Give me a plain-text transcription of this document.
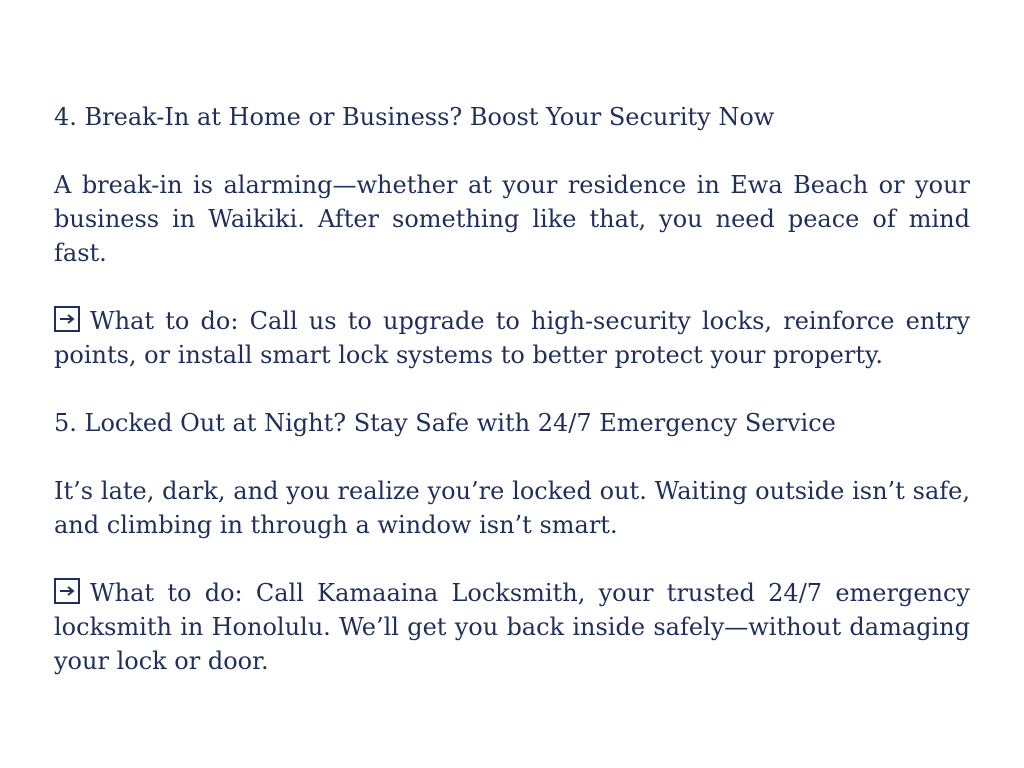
4. Break-In at Home or Business? Boost Your Security Now
A break-in is alarming—whether at your residence in Ewa Beach or your business in Waikiki. After something like that, you need peace of mind fast.
What to do: Call us to upgrade to high-security locks, reinforce entry points, or install smart lock systems to better protect your property.
5. Locked Out at Night? Stay Safe with 24/7 Emergency Service
It’s late, dark, and you realize you’re locked out. Waiting outside isn’t safe, and climbing in through a window isn’t smart.
What to do: Call Kamaaina Locksmith, your trusted 24/7 emergency locksmith in Honolulu. We’ll get you back inside safely—without damaging your lock or door.
